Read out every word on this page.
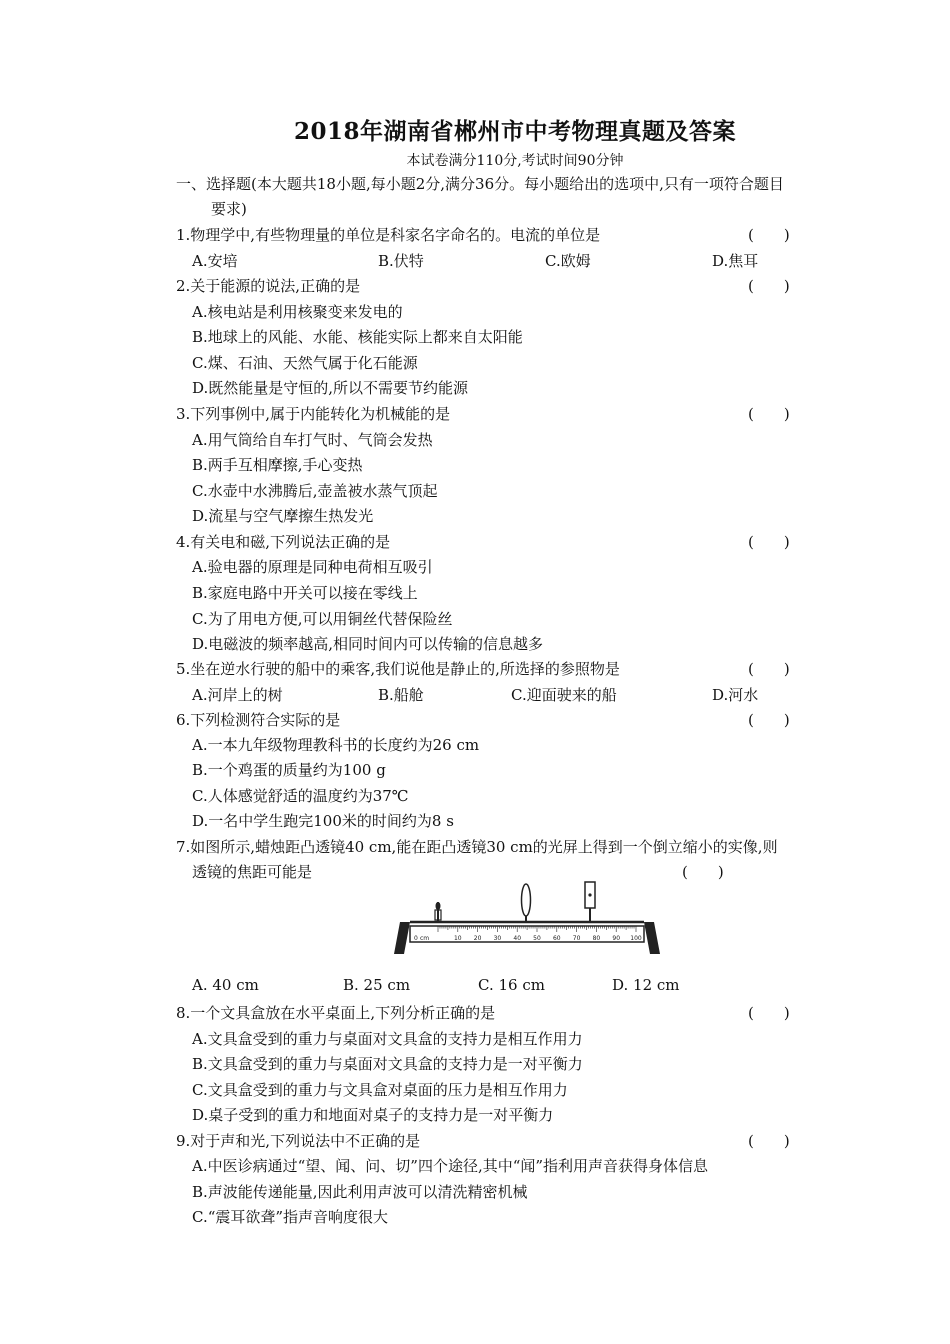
2018年湖南省郴州市中考物理真题及答案
本试卷满分110分,考试时间90分钟
一、选择题(本大题共18小题,每小题2分,满分36分。每小题给出的选项中,只有一项符合题目
要求)
1.物理学中,有些物理量的单位是科家名字命名的。电流的单位是	(　　)
A.安培	B.伏特	C.欧姆	D.焦耳
2.关于能源的说法,正确的是	(　　)
A.核电站是利用核聚变来发电的
B.地球上的风能、水能、核能实际上都来自太阳能
C.煤、石油、天然气属于化石能源
D.既然能量是守恒的,所以不需要节约能源
3.下列事例中,属于内能转化为机械能的是	(　　)
A.用气筒给自车打气时、气筒会发热
B.两手互相摩擦,手心变热
C.水壶中水沸腾后,壶盖被水蒸气顶起
D.流星与空气摩擦生热发光
4.有关电和磁,下列说法正确的是	(　　)
A.验电器的原理是同种电荷相互吸引
B.家庭电路中开关可以接在零线上
C.为了用电方便,可以用铜丝代替保险丝
D.电磁波的频率越高,相同时间内可以传输的信息越多
5.坐在逆水行驶的船中的乘客,我们说他是静止的,所选择的参照物是	(　　)
A.河岸上的树	B.船舱	C.迎面驶来的船	D.河水
6.下列检测符合实际的是	(　　)
A.一本九年级物理教科书的长度约为26 cm
B.一个鸡蛋的质量约为100 g
C.人体感觉舒适的温度约为37℃
D.一名中学生跑完100米的时间约为8 s
7.如图所示,蜡烛距凸透镜40 cm,能在距凸透镜30 cm的光屏上得到一个倒立缩小的实像,则
透镜的焦距可能是	(　　)
10 20 30 40 50 60 70 80 90 100
0 cm
A. 40 cm	B. 25 cm	C. 16 cm	D. 12 cm
8.一个文具盒放在水平桌面上,下列分析正确的是	(　　)
A.文具盒受到的重力与桌面对文具盒的支持力是相互作用力
B.文具盒受到的重力与桌面对文具盒的支持力是一对平衡力
C.文具盒受到的重力与文具盒对桌面的压力是相互作用力
D.桌子受到的重力和地面对桌子的支持力是一对平衡力
9.对于声和光,下列说法中不正确的是	(　　)
A.中医诊病通过“望、闻、问、切”四个途径,其中“闻”指利用声音获得身体信息
B.声波能传递能量,因此利用声波可以清洗精密机械
C.“震耳欲聋”指声音响度很大
